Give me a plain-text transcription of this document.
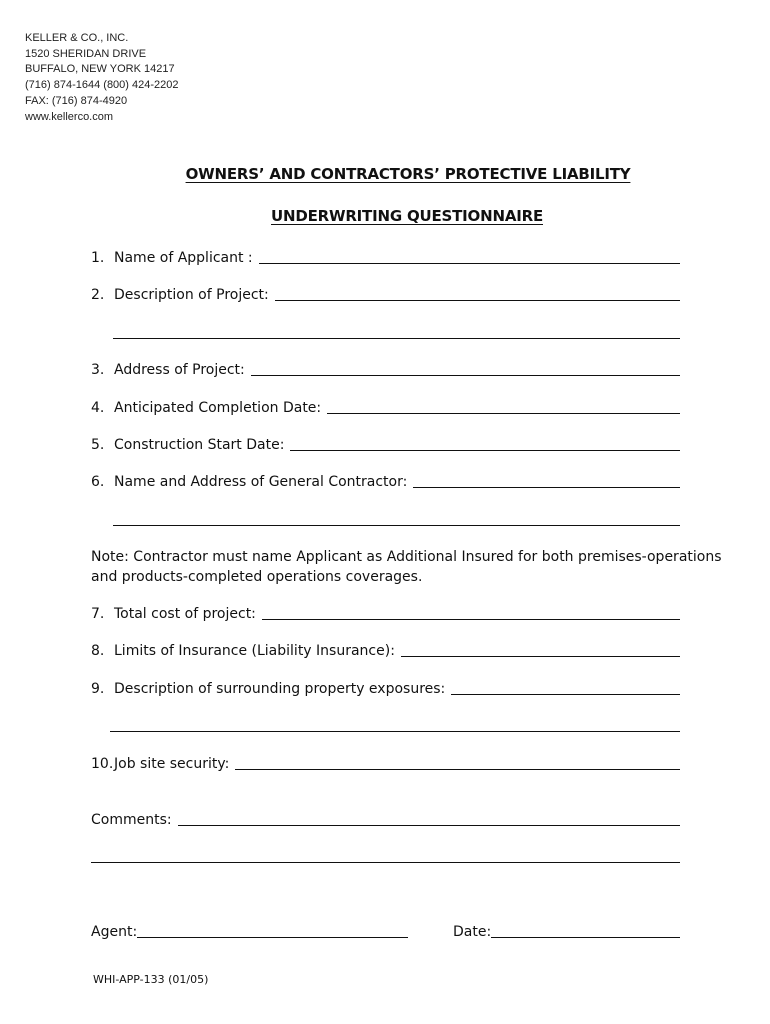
KELLER & CO., INC.
1520 SHERIDAN DRIVE
BUFFALO, NEW YORK 14217
(716) 874-1644 (800) 424-2202
FAX: (716) 874-4920
www.kellerco.com
OWNERS’ AND CONTRACTORS’ PROTECTIVE LIABILITY
UNDERWRITING QUESTIONNAIRE
1. Name of Applicant :
2. Description of Project:
3. Address of Project:
4. Anticipated Completion Date:
5. Construction Start Date:
6. Name and Address of General Contractor:
Note: Contractor must name Applicant as Additional Insured for both premises-operations and products-completed operations coverages.
7. Total cost of project:
8. Limits of Insurance (Liability Insurance):
9. Description of surrounding property exposures:
10.Job site security:
Comments:
Agent:	Date:
WHI-APP-133 (01/05)
